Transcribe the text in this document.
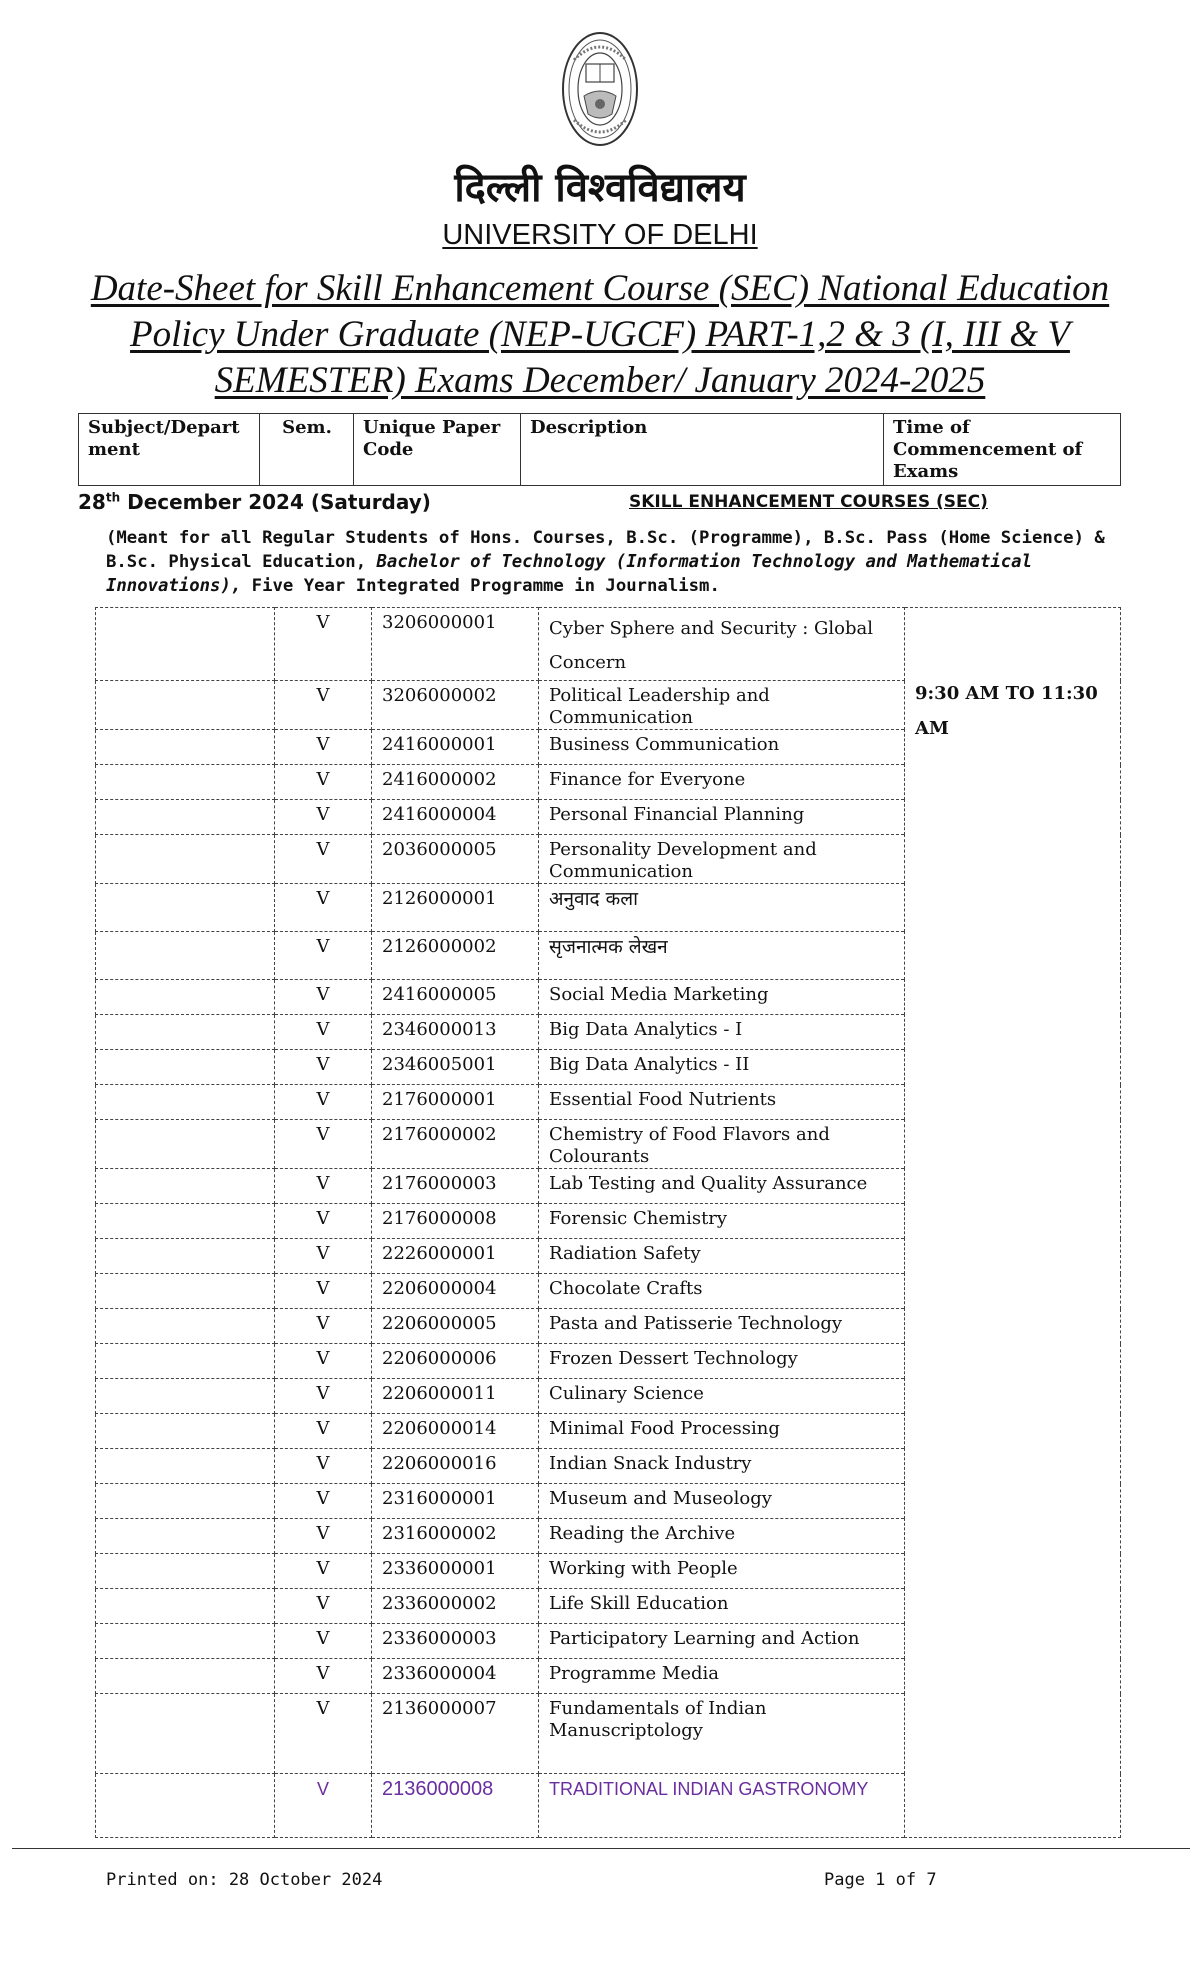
दिल्ली विश्वविद्यालय
UNIVERSITY OF DELHI
Date-Sheet for Skill Enhancement Course (SEC) National Education Policy Under Graduate (NEP-UGCF) PART-1,2 & 3 (I, III & V SEMESTER) Exams December/ January 2024-2025
Subject/Depart ment	Sem.	Unique Paper Code	Description	Time of Commencement of Exams
28th December 2024 (Saturday)	SKILL ENHANCEMENT COURSES (SEC)
(Meant for all Regular Students of Hons. Courses, B.Sc. (Programme), B.Sc. Pass (Home Science) & B.Sc. Physical Education, Bachelor of Technology (Information Technology and Mathematical Innovations), Five Year Integrated Programme in Journalism.
	V	3206000001	Cyber Sphere and Security : Global Concern	9:30 AM TO 11:30 AM
	V	3206000002	Political Leadership and Communication	
	V	2416000001	Business Communication	
	V	2416000002	Finance for Everyone	
	V	2416000004	Personal Financial Planning	
	V	2036000005	Personality Development and Communication	
	V	2126000001	अनुवाद कला	
	V	2126000002	सृजनात्मक लेखन	
	V	2416000005	Social Media Marketing	
	V	2346000013	Big Data Analytics - I	
	V	2346005001	Big Data Analytics - II	
	V	2176000001	Essential Food Nutrients	
	V	2176000002	Chemistry of Food Flavors and Colourants	
	V	2176000003	Lab Testing and Quality Assurance	
	V	2176000008	Forensic Chemistry	
	V	2226000001	Radiation Safety	
	V	2206000004	Chocolate Crafts	
	V	2206000005	Pasta and Patisserie Technology	
	V	2206000006	Frozen Dessert Technology	
	V	2206000011	Culinary Science	
	V	2206000014	Minimal Food Processing	
	V	2206000016	Indian Snack Industry	
	V	2316000001	Museum and Museology	
	V	2316000002	Reading the Archive	
	V	2336000001	Working with People	
	V	2336000002	Life Skill Education	
	V	2336000003	Participatory Learning and Action	
	V	2336000004	Programme Media	
	V	2136000007	Fundamentals of Indian Manuscriptology	
	V	2136000008	TRADITIONAL INDIAN GASTRONOMY	
Printed on: 28 October 2024	Page 1 of 7
